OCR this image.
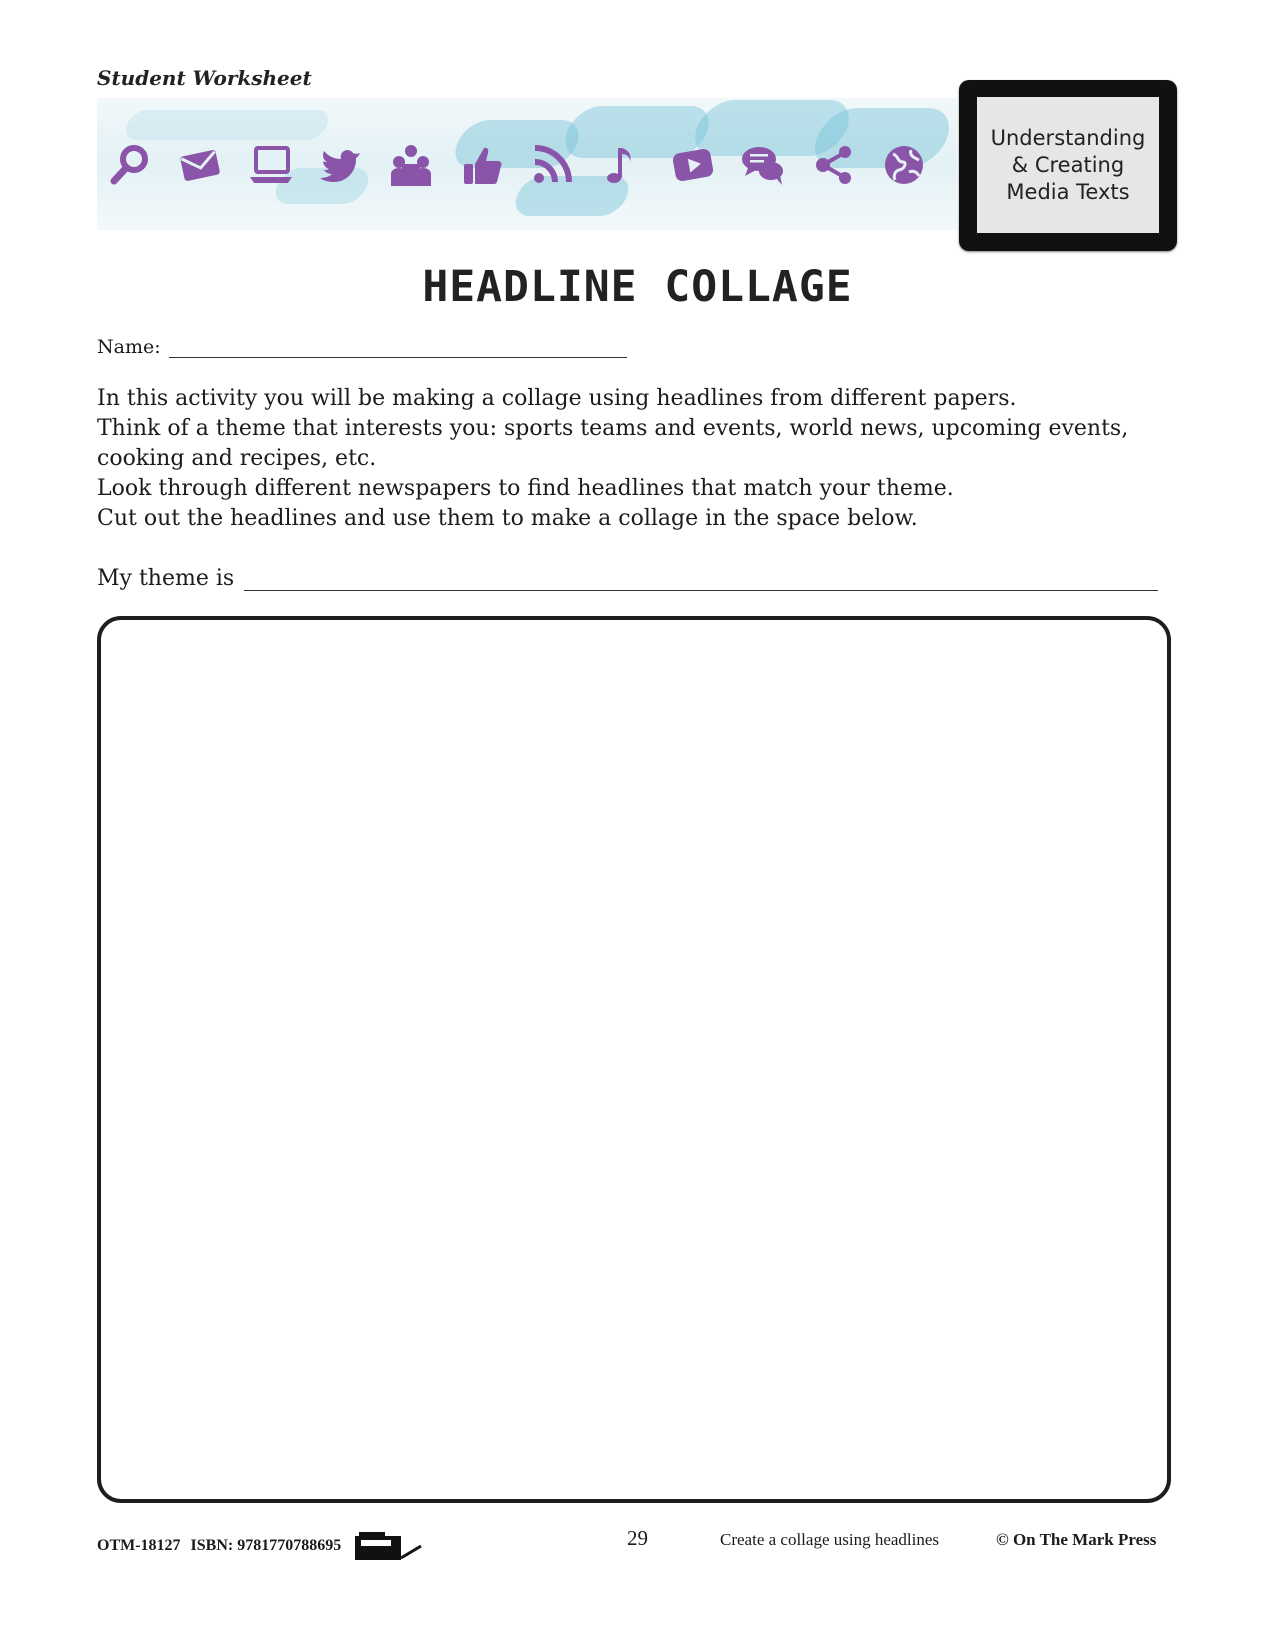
Student Worksheet
Understanding
& Creating
Media Texts
HEADLINE COLLAGE
Name:

In this activity you will be making a collage using headlines from different papers.

Think of a theme that interests you: sports teams and events, world news, upcoming events, cooking and recipes, etc.

Look through different newspapers to find headlines that match your theme.

Cut out the headlines and use them to make a collage in the space below.

My theme is
OTM-18127 ISBN: 9781770788695	29	Create a collage using headlines	© On The Mark Press
